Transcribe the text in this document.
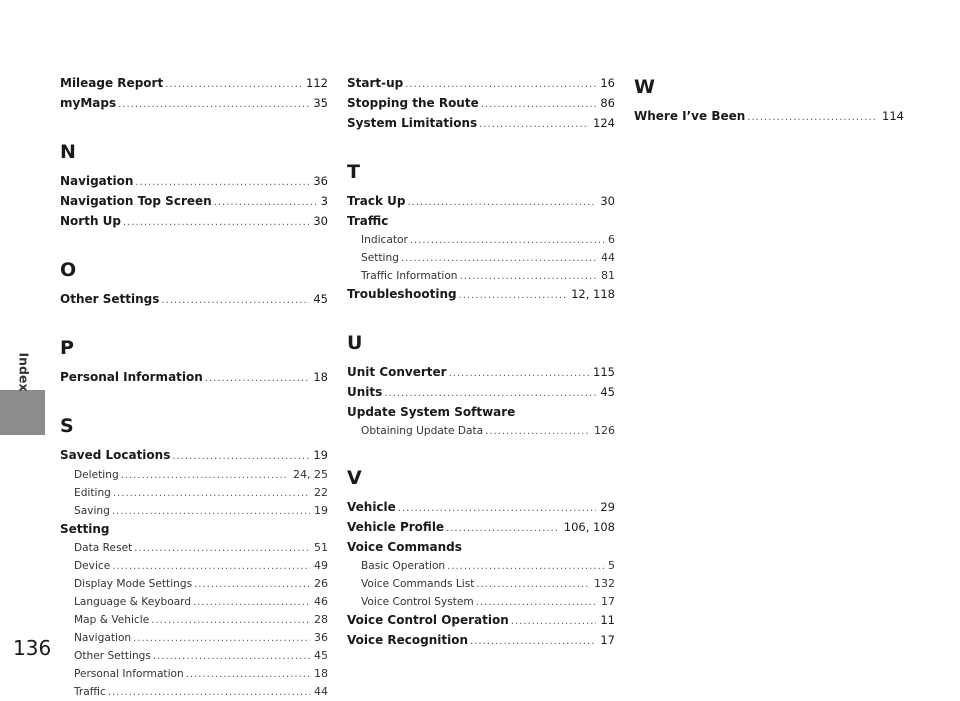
Index
136
Mileage Report .....	112
myMaps .....	35
N
Navigation .....	36
Navigation Top Screen .....	3
North Up .....	30
O
Other Settings .....	45
P
Personal Information .....	18
S
Saved Locations .....	19
Deleting .....	24, 25
Editing .....	22
Saving .....	19
Setting
Data Reset .....	51
Device .....	49
Display Mode Settings .....	26
Language & Keyboard .....	46
Map & Vehicle .....	28
Navigation .....	36
Other Settings .....	45
Personal Information .....	18
Traffic .....	44
Start-up .....	16
Stopping the Route .....	86
System Limitations .....	124
T
Track Up .....	30
Traffic
Indicator .....	6
Setting .....	44
Traffic Information .....	81
Troubleshooting .....	12, 118
U
Unit Converter .....	115
Units .....	45
Update System Software
Obtaining Update Data .....	126
V
Vehicle .....	29
Vehicle Profile .....	106, 108
Voice Commands
Basic Operation .....	5
Voice Commands List .....	132
Voice Control System .....	17
Voice Control Operation .....	11
Voice Recognition .....	17
W
Where I’ve Been .....	114
